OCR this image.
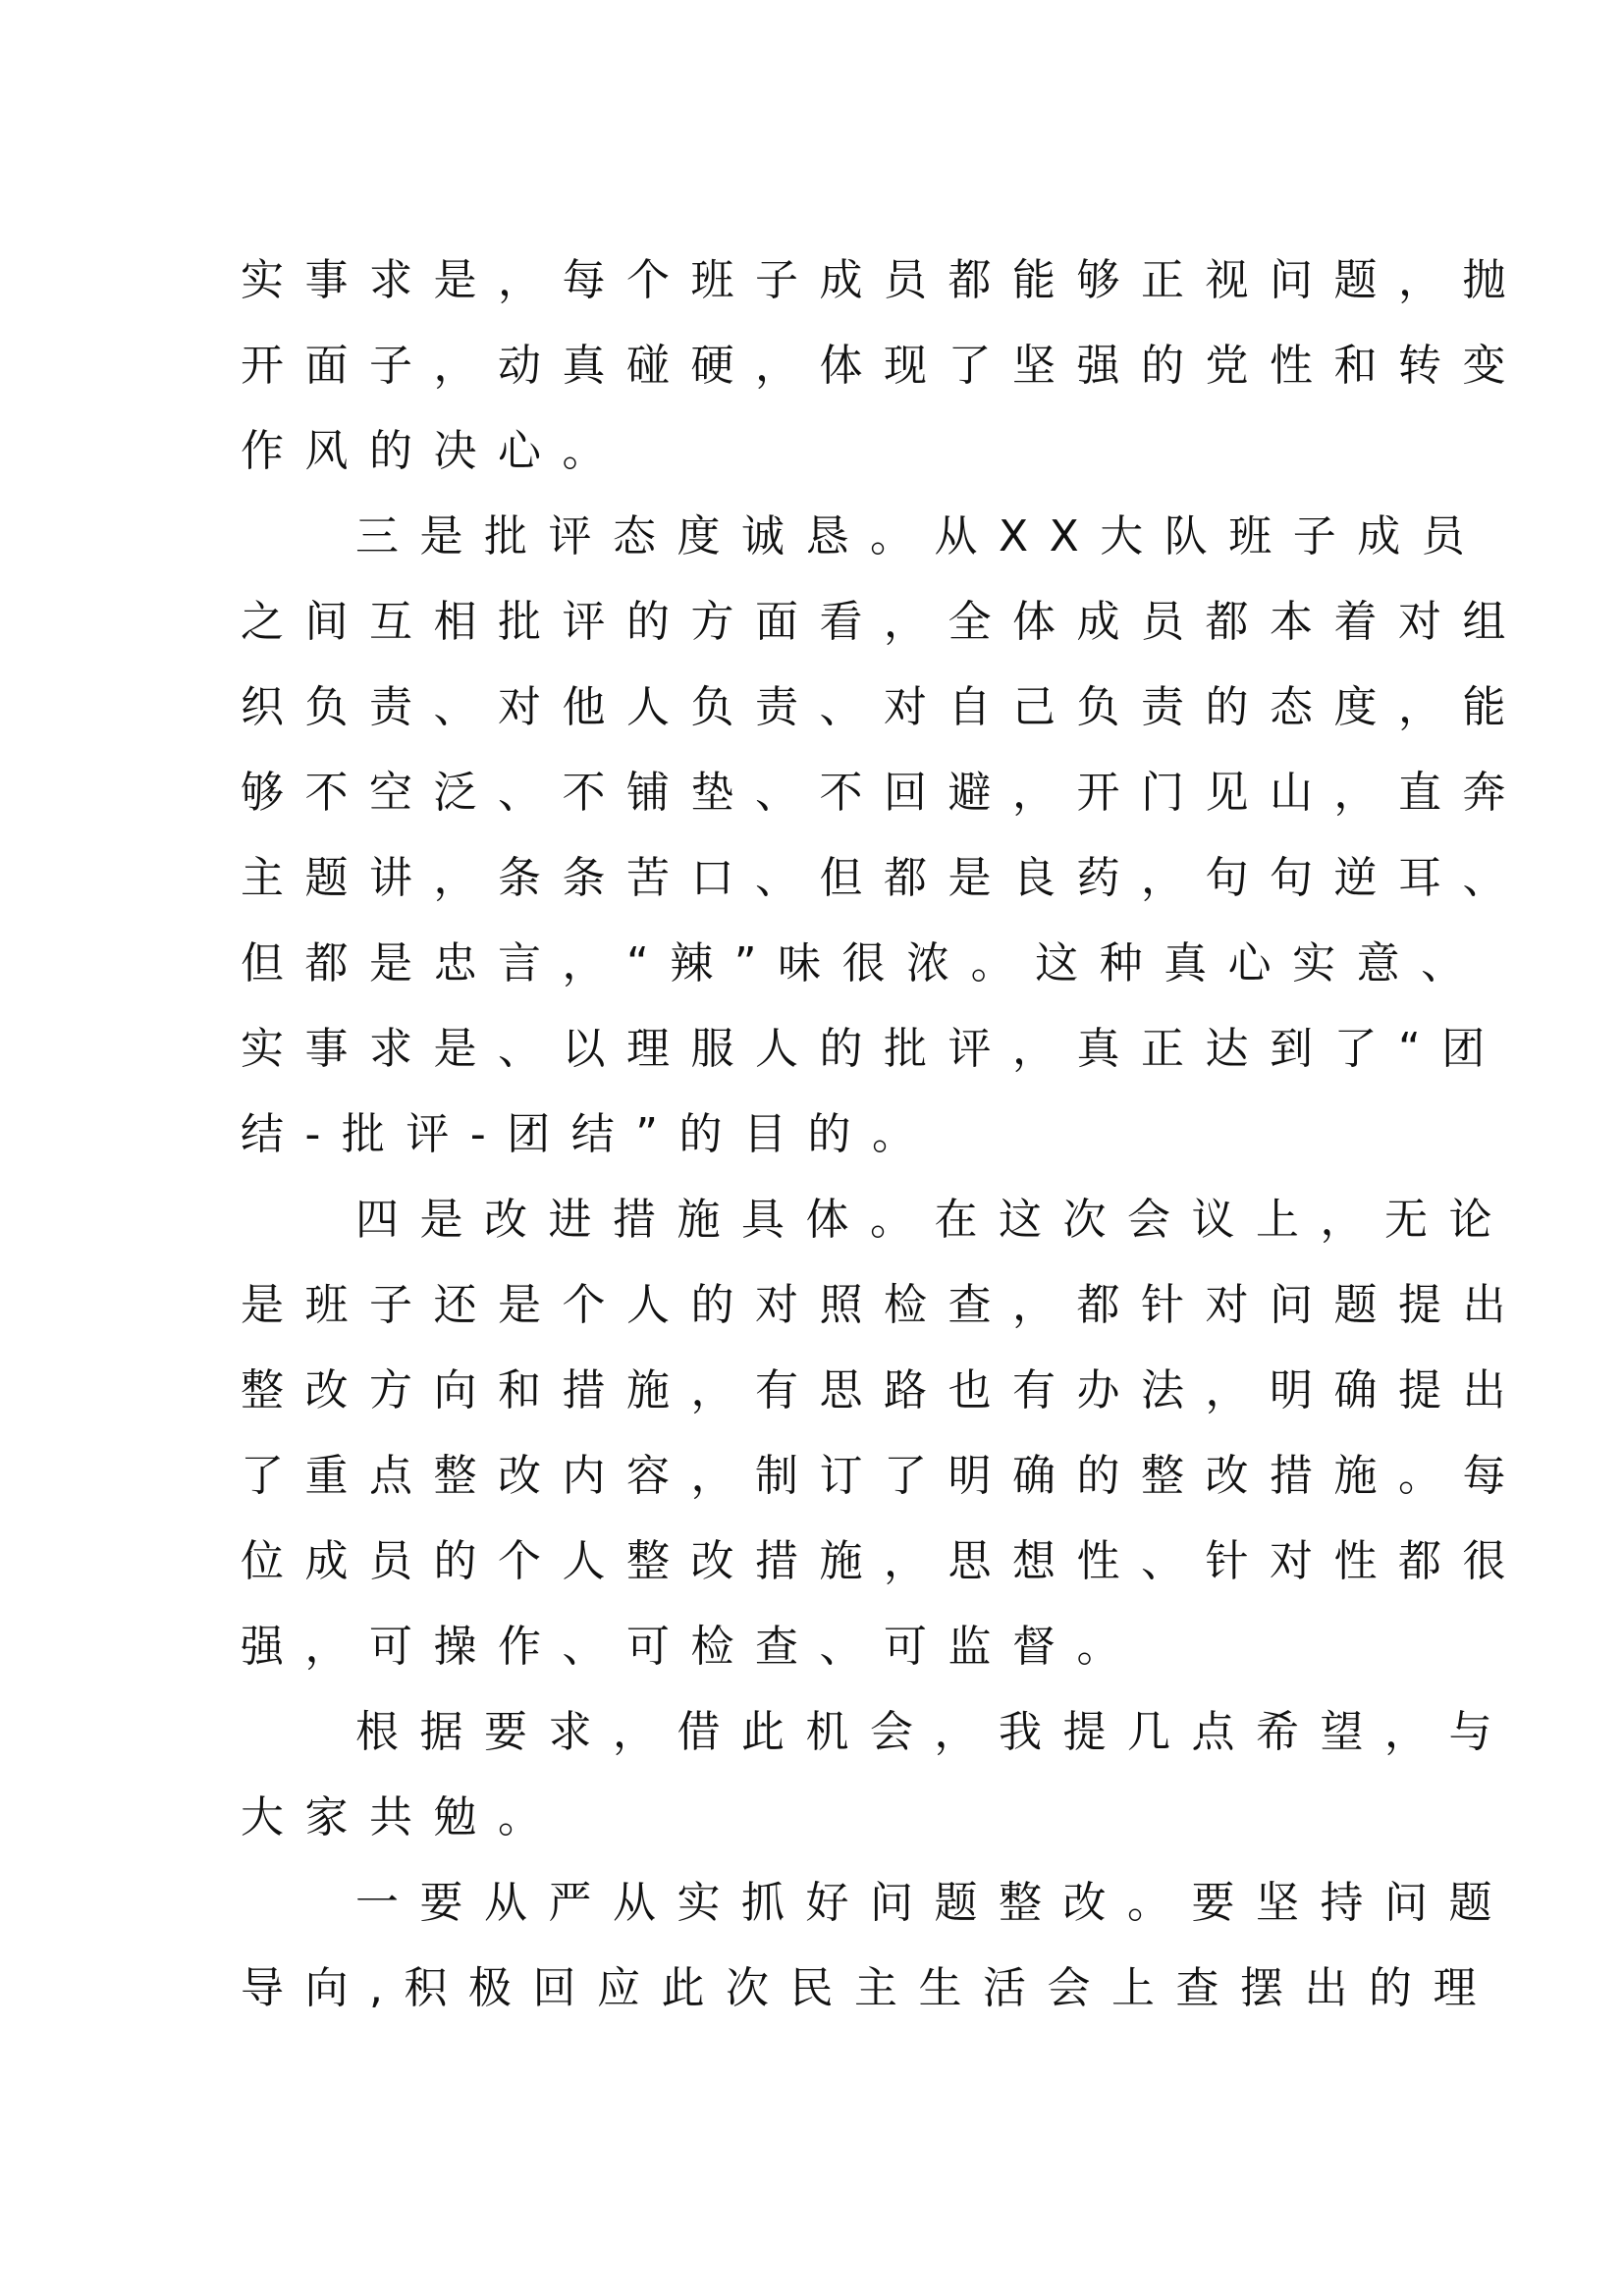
实事求是，每个班子成员都能够正视问题，抛
开面子，动真碰硬，体现了坚强的党性和转变
作风的决心。
三是批评态度诚恳。从XX大队班子成员
之间互相批评的方面看，全体成员都本着对组
织负责、对他人负责、对自己负责的态度，能
够不空泛、不铺垫、不回避，开门见山，直奔
主题讲，条条苦口、但都是良药，句句逆耳、
但都是忠言，“辣”味很浓。这种真心实意、
实事求是、以理服人的批评，真正达到了“团
结-批评-团结”的目的。
四是改进措施具体。在这次会议上，无论
是班子还是个人的对照检查，都针对问题提出
整改方向和措施，有思路也有办法，明确提出
了重点整改内容，制订了明确的整改措施。每
位成员的个人整改措施，思想性、针对性都很
强，可操作、可检查、可监督。
根据要求，借此机会，我提几点希望，与
大家共勉。
一要从严从实抓好问题整改。要坚持问题
导向,积极回应此次民主生活会上查摆出的理
